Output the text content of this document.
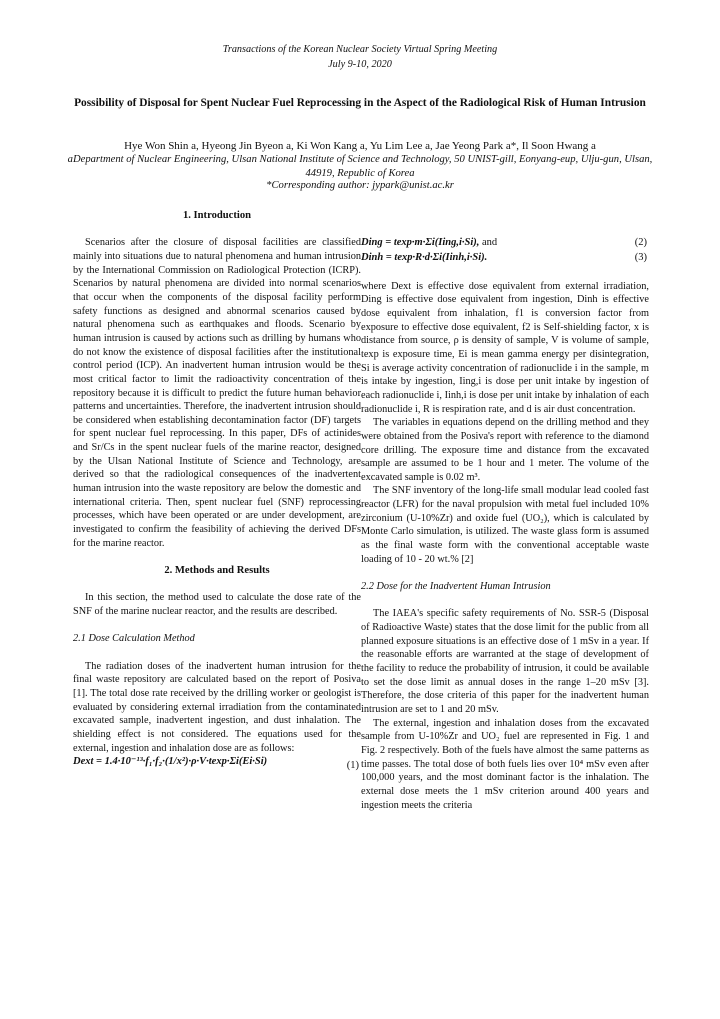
Transactions of the Korean Nuclear Society Virtual Spring Meeting
July 9-10, 2020
Possibility of Disposal for Spent Nuclear Fuel Reprocessing in the Aspect of the Radiological Risk of Human Intrusion
Hye Won Shin a, Hyeong Jin Byeon a, Ki Won Kang a, Yu Lim Lee a, Jae Yeong Park a*, Il Soon Hwang a
aDepartment of Nuclear Engineering, Ulsan National Institute of Science and Technology, 50 UNIST-gill, Eonyang-eup, Ulju-gun, Ulsan, 44919, Republic of Korea
*Corresponding author: jypark@unist.ac.kr

1. Introduction

Scenarios after the closure of disposal facilities are classified mainly into situations due to natural phenomena and human intrusion by the International Commission on Radiological Protection (ICRP). Scenarios by natural phenomena are divided into normal scenarios that occur when the components of the disposal facility perform safety functions as designed and abnormal scenarios caused by natural phenomena such as earthquakes and floods. Scenario by human intrusion is caused by actions such as drilling by humans who do not know the existence of disposal facilities after the institutional control period (ICP). An inadvertent human intrusion would be the most critical factor to limit the radioactivity concentration of the repository because it is difficult to predict the future human behavior patterns and uncertainties. Therefore, the inadvertent intrusion should be considered when establishing decontamination factor (DF) targets for spent nuclear fuel reprocessing. In this paper, DFs of actinides and Sr/Cs in the spent nuclear fuels of the marine reactor, designed by the Ulsan National Institute of Science and Technology, are derived so that the radiological consequences of the inadvertent human intrusion into the waste repository are below the domestic and international criteria. Then, spent nuclear fuel (SNF) reprocessing processes, which have been operated or are under development, are investigated to confirm the feasibility of achieving the derived DFs for the marine reactor.

2. Methods and Results

In this section, the method used to calculate the dose rate of the SNF of the marine nuclear reactor, and the results are described.

2.1 Dose Calculation Method

The radiation doses of the inadvertent human intrusion for the final waste repository are calculated based on the report of Posiva [1]. The total dose rate received by the drilling worker or geologist is evaluated by considering external irradiation from the contaminated excavated sample, inadvertent ingestion, and dust inhalation. The shielding effect is not considered. The equations used for the external, ingestion and inhalation dose are as follows:

Dext = 1.4·10⁻¹³·f₁·f₂·(1/x²)·ρ·V·texp·Σi(Ei·Si)	(1)
Ding = texp·m·Σi(Iing,i·Si), and	(2)
Dinh = texp·R·d·Σi(Iinh,i·Si).	(3)

where Dext is effective dose equivalent from external irradiation, Ding is effective dose equivalent from ingestion, Dinh is effective dose equivalent from inhalation, f1 is conversion factor from exposure to effective dose equivalent, f2 is Self-shielding factor, x is distance from source, ρ is density of sample, V is volume of sample, texp is exposure time, Ei is mean gamma energy per disintegration, Si is average activity concentration of radionuclide i in the sample, m is intake by ingestion, Iing,i is dose per unit intake by ingestion of each radionuclide i, Iinh,i is dose per unit intake by inhalation of each radionuclide i, R is respiration rate, and d is air dust concentration.

The variables in equations depend on the drilling method and they were obtained from the Posiva's report with reference to the diamond core drilling. The exposure time and distance from the excavated sample are assumed to be 1 hour and 1 meter. The volume of the excavated sample is 0.02 m³.

The SNF inventory of the long-life small modular lead cooled fast reactor (LFR) for the naval propulsion with metal fuel included 10% zirconium (U-10%Zr) and oxide fuel (UO₂), which is calculated by Monte Carlo simulation, is utilized. The waste glass form is assumed as the final waste form with the conventional acceptable waste loading of 10 - 20 wt.% [2]

2.2 Dose for the Inadvertent Human Intrusion

The IAEA's specific safety requirements of No. SSR-5 (Disposal of Radioactive Waste) states that the dose limit for the public from all planned exposure situations is an effective dose of 1 mSv in a year. If the reasonable efforts are warranted at the stage of development of the facility to reduce the probability of intrusion, it could be available to set the dose limit as annual doses in the range 1–20 mSv [3]. Therefore, the dose criteria of this paper for the inadvertent human intrusion are set to 1 and 20 mSv.

The external, ingestion and inhalation doses from the excavated sample from U-10%Zr and UO₂ fuel are represented in Fig. 1 and Fig. 2 respectively. Both of the fuels have almost the same patterns as time passes. The total dose of both fuels lies over 10⁴ mSv even after 100,000 years, and the most dominant factor is the inhalation. The external dose meets the 1 mSv criterion around 400 years and ingestion meets the criteria
